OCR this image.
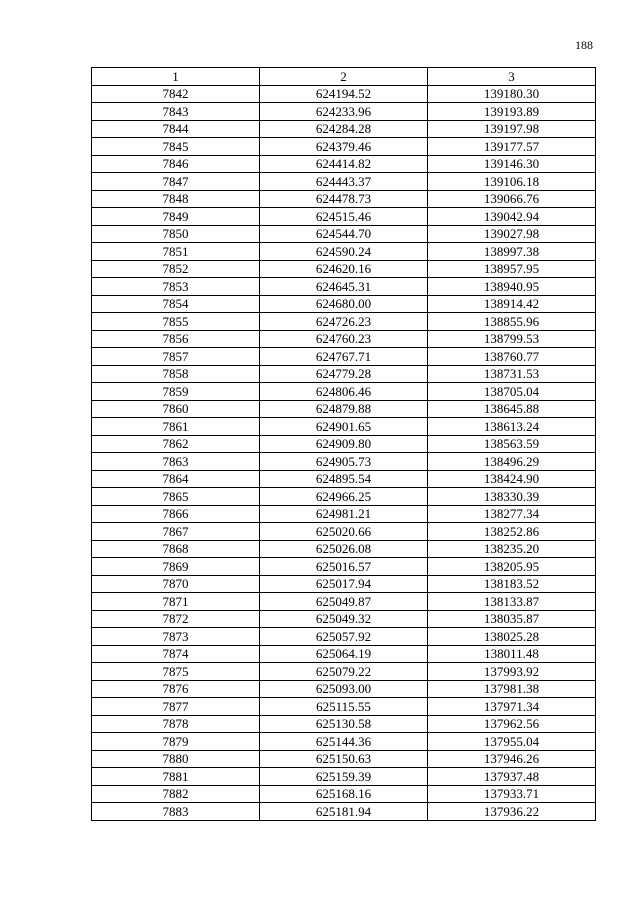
188
1	2	3
7842	624194.52	139180.30
7843	624233.96	139193.89
7844	624284.28	139197.98
7845	624379.46	139177.57
7846	624414.82	139146.30
7847	624443.37	139106.18
7848	624478.73	139066.76
7849	624515.46	139042.94
7850	624544.70	139027.98
7851	624590.24	138997.38
7852	624620.16	138957.95
7853	624645.31	138940.95
7854	624680.00	138914.42
7855	624726.23	138855.96
7856	624760.23	138799.53
7857	624767.71	138760.77
7858	624779.28	138731.53
7859	624806.46	138705.04
7860	624879.88	138645.88
7861	624901.65	138613.24
7862	624909.80	138563.59
7863	624905.73	138496.29
7864	624895.54	138424.90
7865	624966.25	138330.39
7866	624981.21	138277.34
7867	625020.66	138252.86
7868	625026.08	138235.20
7869	625016.57	138205.95
7870	625017.94	138183.52
7871	625049.87	138133.87
7872	625049.32	138035.87
7873	625057.92	138025.28
7874	625064.19	138011.48
7875	625079.22	137993.92
7876	625093.00	137981.38
7877	625115.55	137971.34
7878	625130.58	137962.56
7879	625144.36	137955.04
7880	625150.63	137946.26
7881	625159.39	137937.48
7882	625168.16	137933.71
7883	625181.94	137936.22
